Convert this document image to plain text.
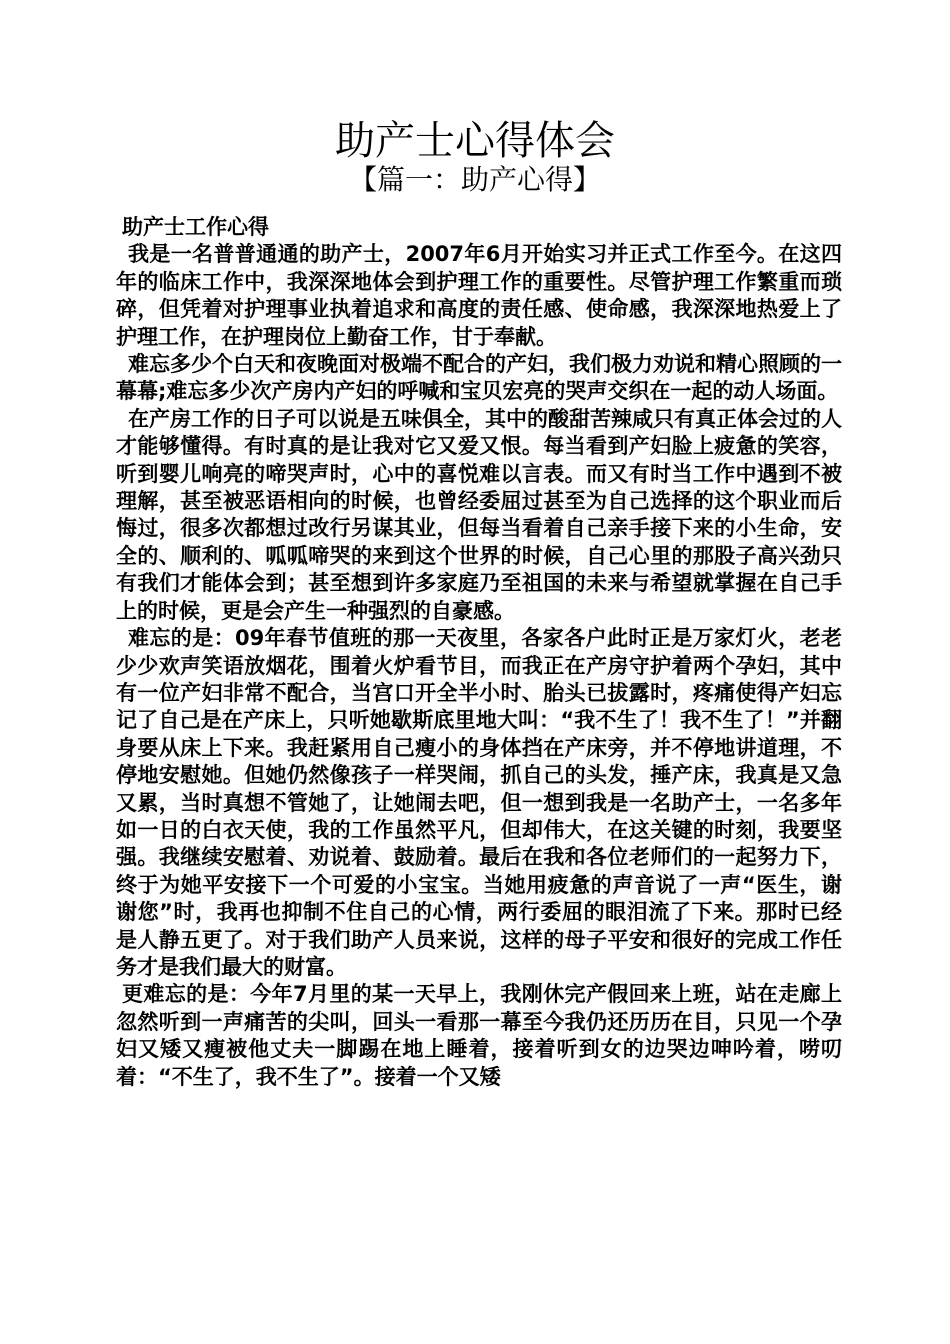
助产士心得体会
【篇一：助产心得】

助产士工作心得

我是一名普普通通的助产士，2007年6月开始实习并正式工作至今。在这四年的临床工作中，我深深地体会到护理工作的重要性。尽管护理工作繁重而琐碎，但凭着对护理事业执着追求和高度的责任感、使命感，我深深地热爱上了护理工作，在护理岗位上勤奋工作，甘于奉献。

难忘多少个白天和夜晚面对极端不配合的产妇，我们极力劝说和精心照顾的一幕幕;难忘多少次产房内产妇的呼喊和宝贝宏亮的哭声交织在一起的动人场面。

在产房工作的日子可以说是五味俱全，其中的酸甜苦辣咸只有真正体会过的人才能够懂得。有时真的是让我对它又爱又恨。每当看到产妇脸上疲惫的笑容，听到婴儿响亮的啼哭声时，心中的喜悦难以言表。而又有时当工作中遇到不被理解，甚至被恶语相向的时候，也曾经委屈过甚至为自己选择的这个职业而后悔过，很多次都想过改行另谋其业，但每当看着自己亲手接下来的小生命，安全的、顺利的、呱呱啼哭的来到这个世界的时候，自己心里的那股子高兴劲只有我们才能体会到；甚至想到许多家庭乃至祖国的未来与希望就掌握在自己手上的时候，更是会产生一种强烈的自豪感。

难忘的是：09年春节值班的那一天夜里，各家各户此时正是万家灯火，老老少少欢声笑语放烟花，围着火炉看节目，而我正在产房守护着两个孕妇，其中有一位产妇非常不配合，当宫口开全半小时、胎头已拔露时，疼痛使得产妇忘记了自己是在产床上，只听她歇斯底里地大叫：“我不生了！我不生了！”并翻身要从床上下来。我赶紧用自己瘦小的身体挡在产床旁，并不停地讲道理，不停地安慰她。但她仍然像孩子一样哭闹，抓自己的头发，捶产床，我真是又急又累，当时真想不管她了，让她闹去吧，但一想到我是一名助产士，一名多年如一日的白衣天使，我的工作虽然平凡，但却伟大，在这关键的时刻，我要坚强。我继续安慰着、劝说着、鼓励着。最后在我和各位老师们的一起努力下，终于为她平安接下一个可爱的小宝宝。当她用疲惫的声音说了一声“医生，谢谢您”时，我再也抑制不住自己的心情，两行委屈的眼泪流了下来。那时已经是人静五更了。对于我们助产人员来说，这样的母子平安和很好的完成工作任务才是我们最大的财富。

更难忘的是：今年7月里的某一天早上，我刚休完产假回来上班，站在走廊上忽然听到一声痛苦的尖叫，回头一看那一幕至今我仍还历历在目，只见一个孕妇又矮又瘦被他丈夫一脚踢在地上睡着，接着听到女的边哭边呻吟着，唠叨着：“不生了，我不生了”。接着一个又矮
